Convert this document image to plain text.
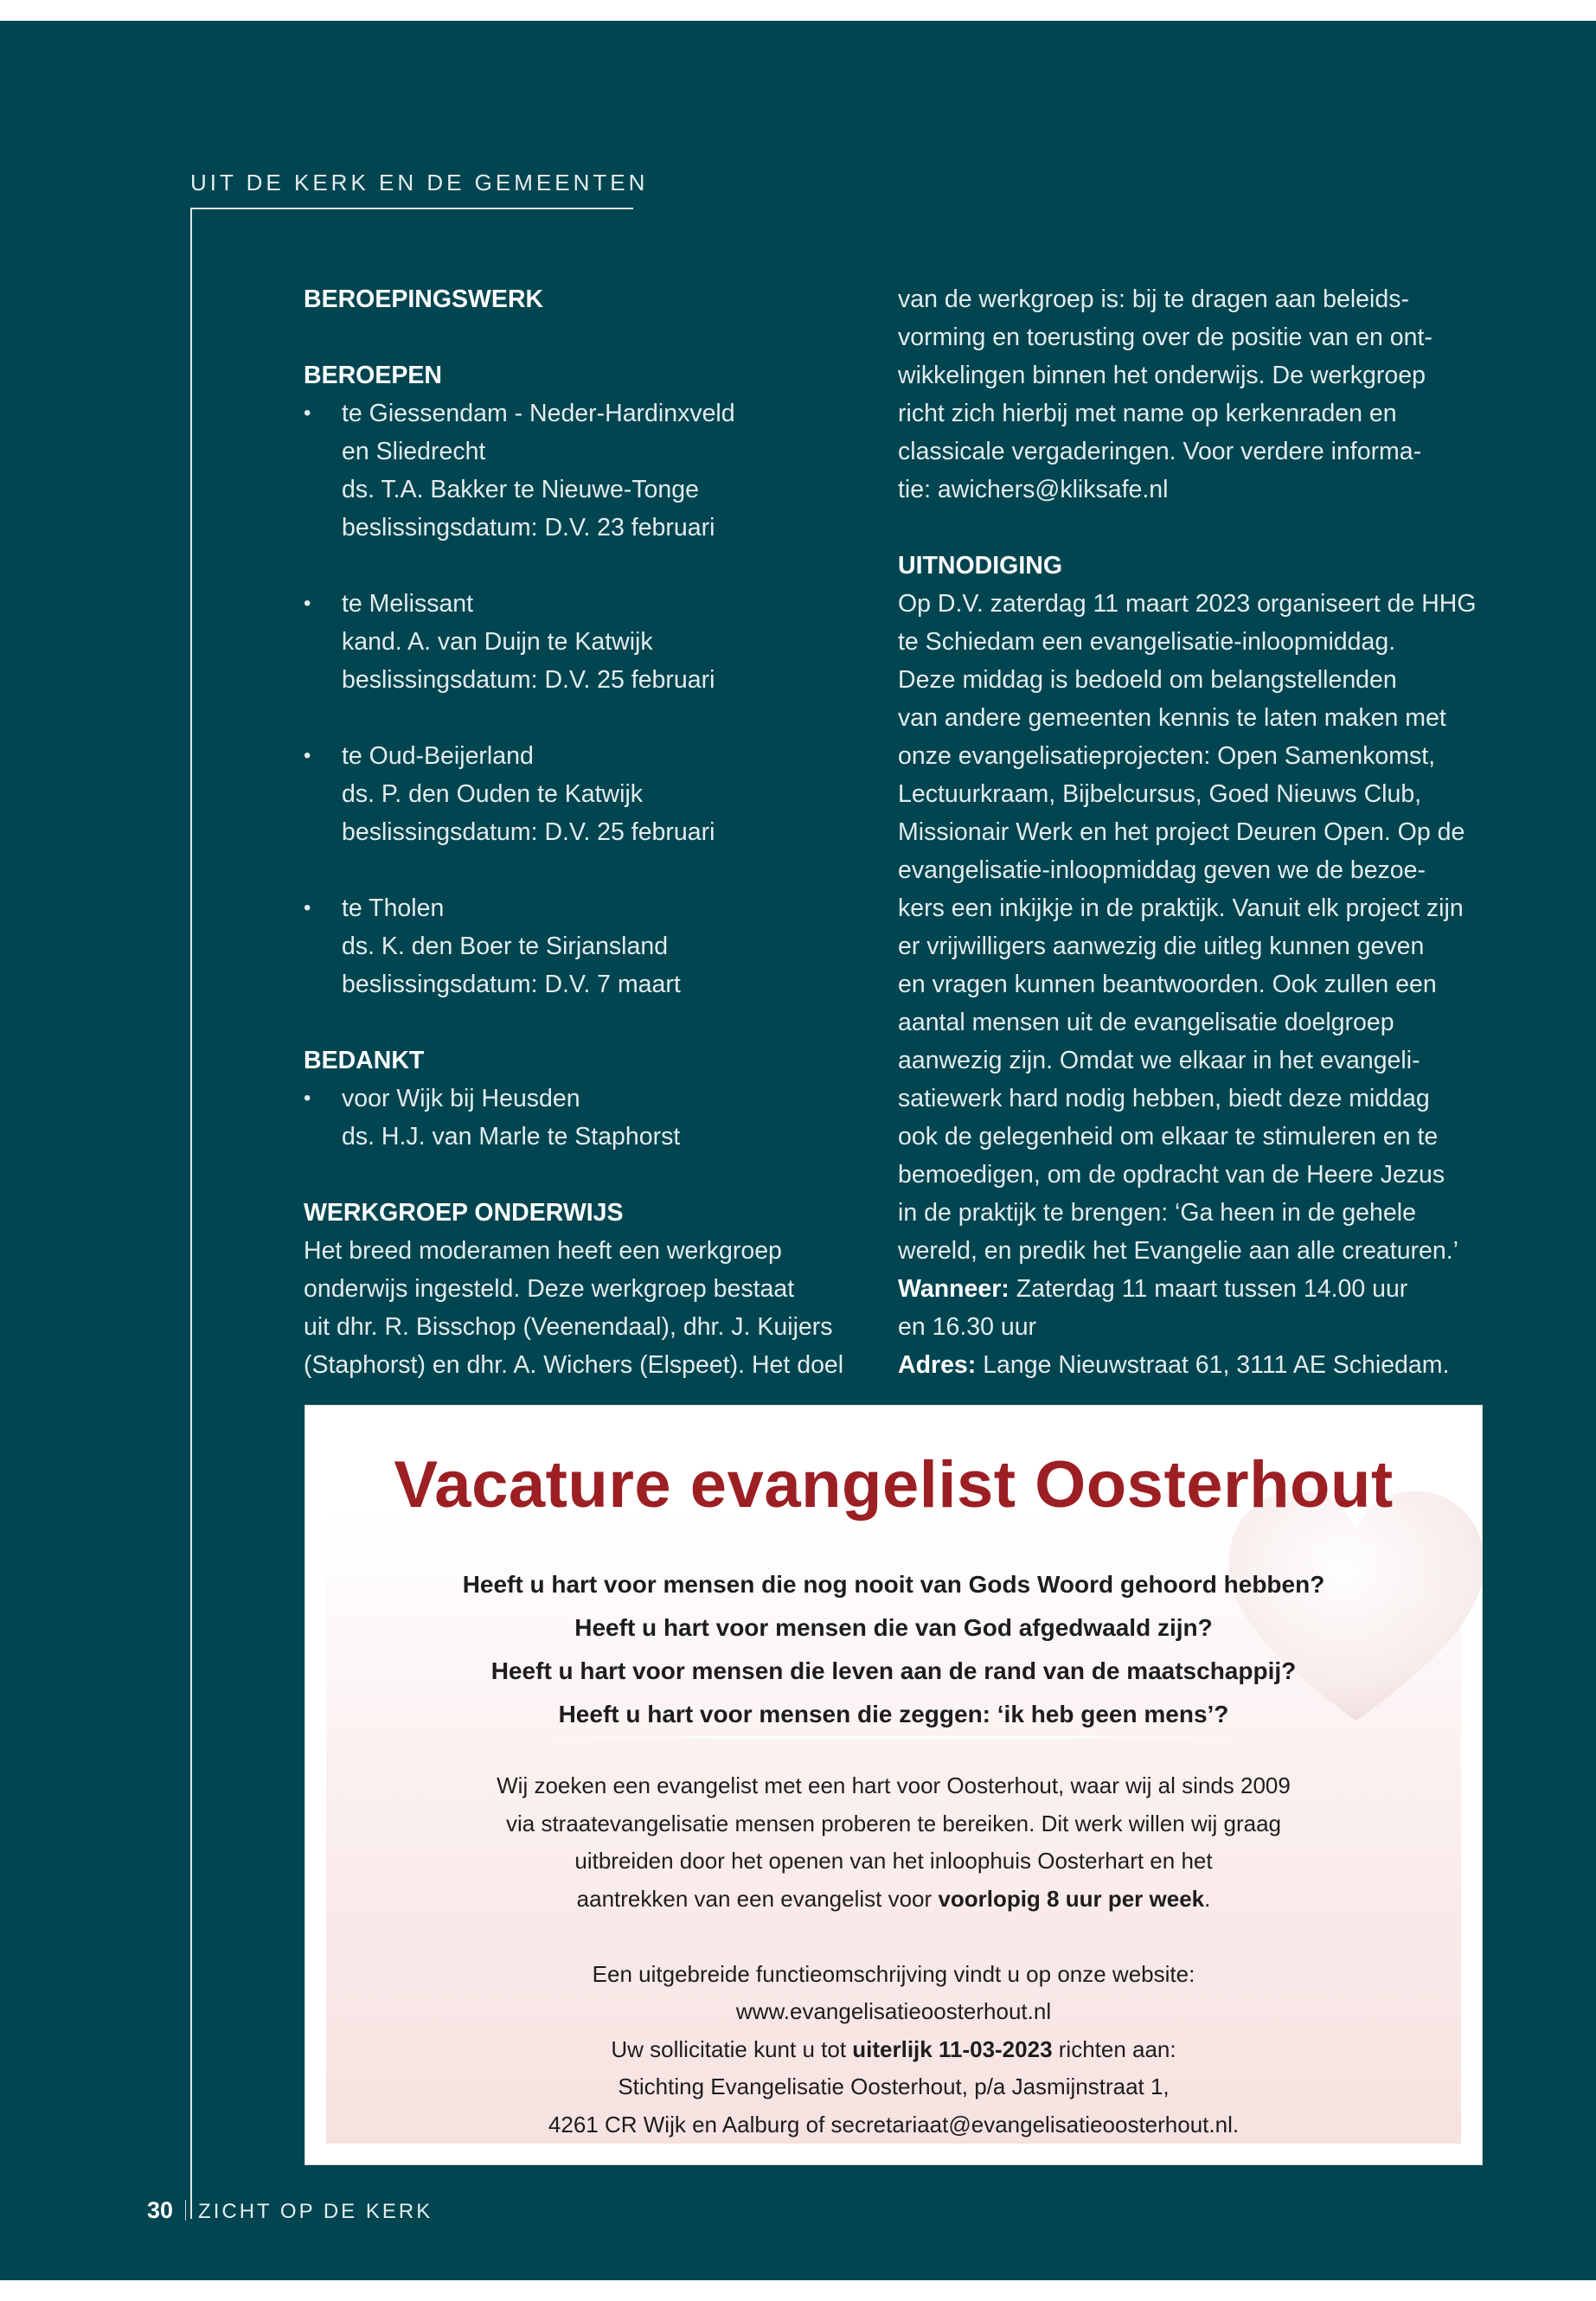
UIT DE KERK EN DE GEMEENTEN
BEROEPINGSWERK
BEROEPEN
• te Giessendam - Neder-Hardinxveld
en Sliedrecht
ds. T.A. Bakker te Nieuwe-Tonge
beslissingsdatum: D.V. 23 februari
• te Melissant
kand. A. van Duijn te Katwijk
beslissingsdatum: D.V. 25 februari
• te Oud-Beijerland
ds. P. den Ouden te Katwijk
beslissingsdatum: D.V. 25 februari
• te Tholen
ds. K. den Boer te Sirjansland
beslissingsdatum: D.V. 7 maart
BEDANKT
• voor Wijk bij Heusden
ds. H.J. van Marle te Staphorst
WERKGROEP ONDERWIJS
Het breed moderamen heeft een werkgroep
onderwijs ingesteld. Deze werkgroep bestaat
uit dhr. R. Bisschop (Veenendaal), dhr. J. Kuijers
(Staphorst) en dhr. A. Wichers (Elspeet). Het doel
van de werkgroep is: bij te dragen aan beleids-
vorming en toerusting over de positie van en ont-
wikkelingen binnen het onderwijs. De werkgroep
richt zich hierbij met name op kerkenraden en
classicale vergaderingen. Voor verdere informa-
tie: awichers@kliksafe.nl
UITNODIGING
Op D.V. zaterdag 11 maart 2023 organiseert de HHG
te Schiedam een evangelisatie-inloopmiddag.
Deze middag is bedoeld om belangstellenden
van andere gemeenten kennis te laten maken met
onze evangelisatieprojecten: Open Samenkomst,
Lectuurkraam, Bijbelcursus, Goed Nieuws Club,
Missionair Werk en het project Deuren Open. Op de
evangelisatie-inloopmiddag geven we de bezoe-
kers een inkijkje in de praktijk. Vanuit elk project zijn
er vrijwilligers aanwezig die uitleg kunnen geven
en vragen kunnen beantwoorden. Ook zullen een
aantal mensen uit de evangelisatie doelgroep
aanwezig zijn. Omdat we elkaar in het evangeli-
satiewerk hard nodig hebben, biedt deze middag
ook de gelegenheid om elkaar te stimuleren en te
bemoedigen, om de opdracht van de Heere Jezus
in de praktijk te brengen: ‘Ga heen in de gehele
wereld, en predik het Evangelie aan alle creaturen.’
Wanneer: Zaterdag 11 maart tussen 14.00 uur
en 16.30 uur
Adres: Lange Nieuwstraat 61, 3111 AE Schiedam.
Vacature evangelist Oosterhout
Heeft u hart voor mensen die nog nooit van Gods Woord gehoord hebben?
Heeft u hart voor mensen die van God afgedwaald zijn?
Heeft u hart voor mensen die leven aan de rand van de maatschappij?
Heeft u hart voor mensen die zeggen: ‘ik heb geen mens’?
Wij zoeken een evangelist met een hart voor Oosterhout, waar wij al sinds 2009
via straatevangelisatie mensen proberen te bereiken. Dit werk willen wij graag
uitbreiden door het openen van het inloophuis Oosterhart en het
aantrekken van een evangelist voor voorlopig 8 uur per week.
Een uitgebreide functieomschrijving vindt u op onze website:
www.evangelisatieoosterhout.nl
Uw sollicitatie kunt u tot uiterlijk 11-03-2023 richten aan:
Stichting Evangelisatie Oosterhout, p/a Jasmijnstraat 1,
4261 CR Wijk en Aalburg of secretariaat@evangelisatieoosterhout.nl.
30 ZICHT OP DE KERK
